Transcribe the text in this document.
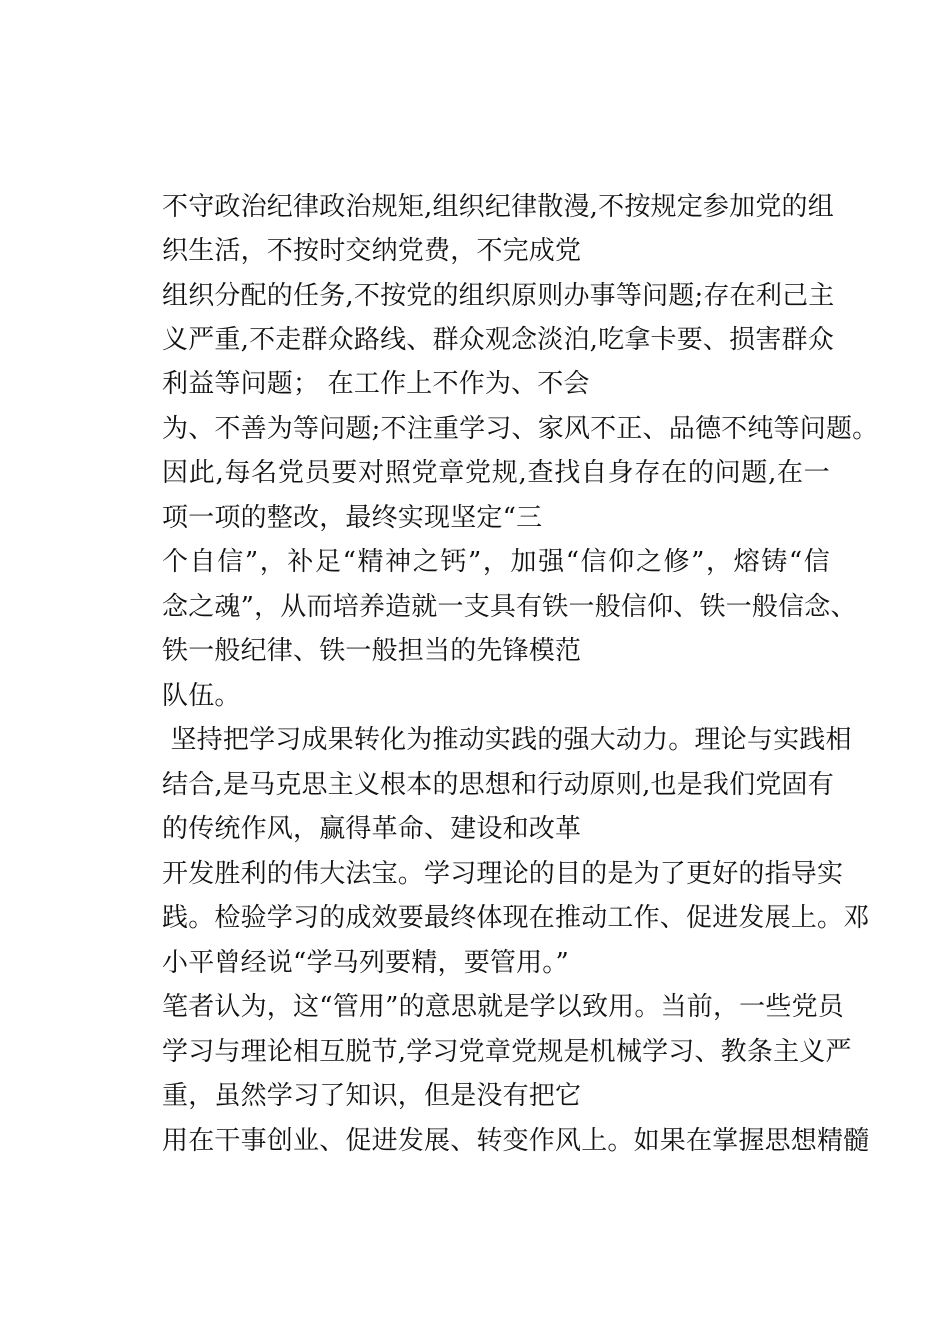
不守政治纪律政治规矩,组织纪律散漫,不按规定参加党的组

织生活，不按时交纳党费，不完成党

组织分配的任务,不按党的组织原则办事等问题;存在利己主

义严重,不走群众路线、群众观念淡泊,吃拿卡要、损害群众

利益等问题； 在工作上不作为、不会

为、不善为等问题;不注重学习、家风不正、品德不纯等问题。

因此,每名党员要对照党章党规,查找自身存在的问题,在一

项一项的整改，最终实现坚定“三

个自信”，补足“精神之钙”，加强“信仰之修”，熔铸“信

念之魂”，从而培养造就一支具有铁一般信仰、铁一般信念、

铁一般纪律、铁一般担当的先锋模范

队伍。

坚持把学习成果转化为推动实践的强大动力。理论与实践相

结合,是马克思主义根本的思想和行动原则,也是我们党固有

的传统作风，赢得革命、建设和改革

开发胜利的伟大法宝。学习理论的目的是为了更好的指导实

践。检验学习的成效要最终体现在推动工作、促进发展上。邓

小平曾经说“学马列要精，要管用。”

笔者认为，这“管用”的意思就是学以致用。当前，一些党员

学习与理论相互脱节,学习党章党规是机械学习、教条主义严

重，虽然学习了知识，但是没有把它

用在干事创业、促进发展、转变作风上。如果在掌握思想精髓
